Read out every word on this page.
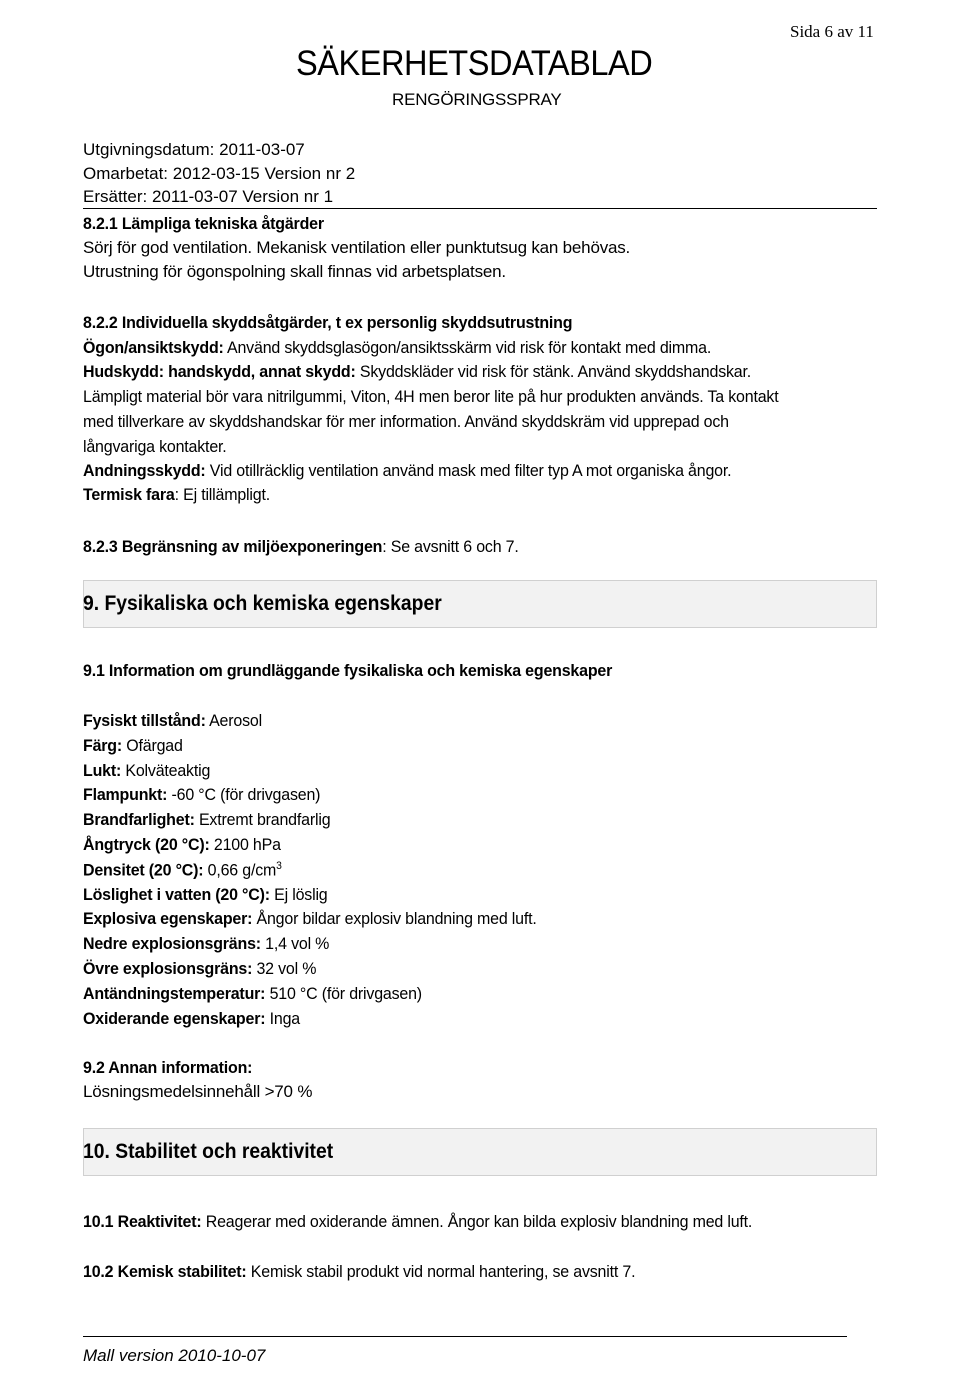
Sida 6 av 11
SÄKERHETSDATABLAD
RENGÖRINGSSPRAY
Utgivningsdatum: 2011-03-07
Omarbetat: 2012-03-15 Version nr 2
Ersätter: 2011-03-07 Version nr 1
8.2.1 Lämpliga tekniska åtgärder
Sörj för god ventilation. Mekanisk ventilation eller punktutsug kan behövas.
Utrustning för ögonspolning skall finnas vid arbetsplatsen.
8.2.2 Individuella skyddsåtgärder, t ex personlig skyddsutrustning
Ögon/ansiktskydd: Använd skyddsglasögon/ansiktsskärm vid risk för kontakt med dimma.
Hudskydd: handskydd, annat skydd: Skyddskläder vid risk för stänk. Använd skyddshandskar.
Lämpligt material bör vara nitrilgummi, Viton, 4H men beror lite på hur produkten används. Ta kontakt
med tillverkare av skyddshandskar för mer information. Använd skyddskräm vid upprepad och
långvariga kontakter.
Andningsskydd: Vid otillräcklig ventilation använd mask med filter typ A mot organiska ångor.
Termisk fara: Ej tillämpligt.
8.2.3 Begränsning av miljöexponeringen: Se avsnitt 6 och 7.
9. Fysikaliska och kemiska egenskaper
9.1 Information om grundläggande fysikaliska och kemiska egenskaper
Fysiskt tillstånd: Aerosol
Färg: Ofärgad
Lukt: Kolväteaktig
Flampunkt: -60 °C (för drivgasen)
Brandfarlighet: Extremt brandfarlig
Ångtryck (20 °C): 2100 hPa
Densitet (20 °C): 0,66 $g/cm^3$
Löslighet i vatten (20 °C): Ej löslig
Explosiva egenskaper: Ångor bildar explosiv blandning med luft.
Nedre explosionsgräns: 1,4 vol %
Övre explosionsgräns: 32 vol %
Antändningstemperatur: 510 °C (för drivgasen)
Oxiderande egenskaper: Inga
9.2 Annan information:
Lösningsmedelsinnehåll >70 %
10. Stabilitet och reaktivitet
10.1 Reaktivitet: Reagerar med oxiderande ämnen. Ångor kan bilda explosiv blandning med luft.
10.2 Kemisk stabilitet: Kemisk stabil produkt vid normal hantering, se avsnitt 7.
Mall version 2010-10-07
